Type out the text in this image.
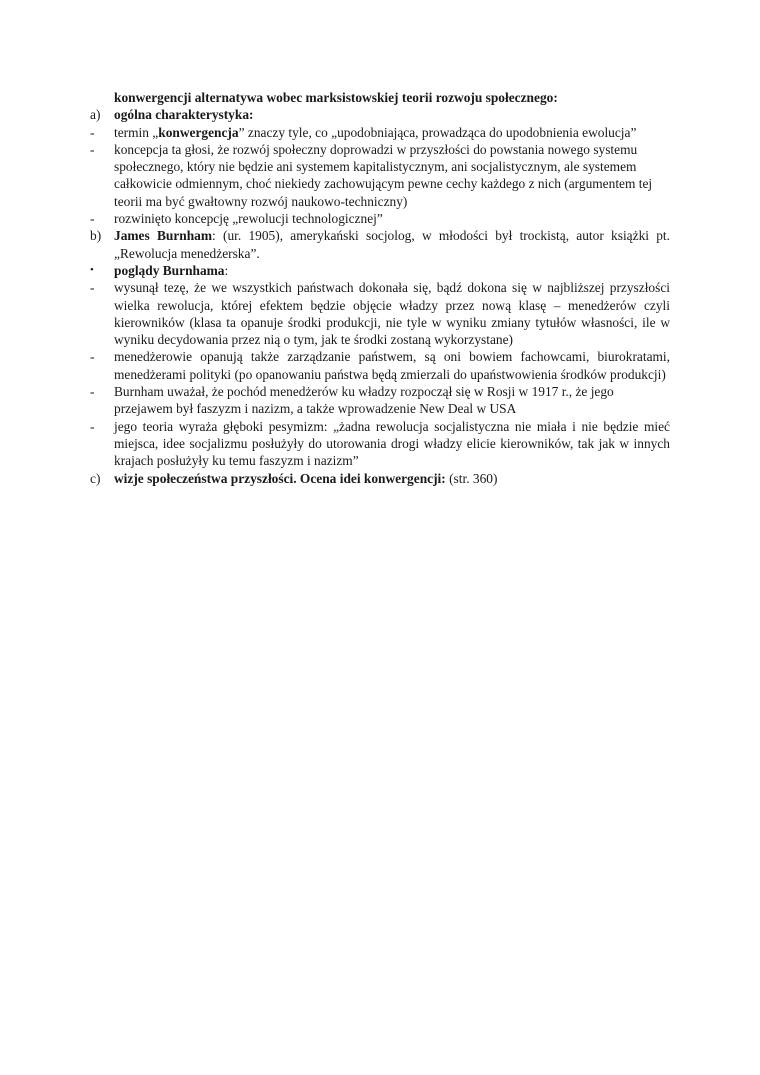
konwergencji alternatywa wobec marksistowskiej teorii rozwoju społecznego:
a)	ogólna charakterystyka:
-	termin „konwergencja” znaczy tyle, co „upodobniająca, prowadząca do upodobnienia ewolucja”
-	koncepcja ta głosi, że rozwój społeczny doprowadzi w przyszłości do powstania nowego systemu społecznego, który nie będzie ani systemem kapitalistycznym, ani socjalistycznym, ale systemem całkowicie odmiennym, choć niekiedy zachowującym pewne cechy każdego z nich (argumentem tej teorii ma być gwałtowny rozwój naukowo-techniczny)
-	rozwinięto koncepcję „rewolucji technologicznej”
b) James Burnham: (ur. 1905), amerykański socjolog, w młodości był trockistą, autor książki pt. „Rewolucja menedżerska”.
•	poglądy Burnhama:
-	wysunął tezę, że we wszystkich państwach dokonała się, bądź dokona się w najbliższej przyszłości wielka rewolucja, której efektem będzie objęcie władzy przez nową klasę – menedżerów czyli kierowników (klasa ta opanuje środki produkcji, nie tyle w wyniku zmiany tytułów własności, ile w wyniku decydowania przez nią o tym, jak te środki zostaną wykorzystane)
-	menedżerowie opanują także zarządzanie państwem, są oni bowiem fachowcami, biurokratami, menedżerami polityki (po opanowaniu państwa będą zmierzali do upaństwowienia środków produkcji)
-	Burnham uważał, że pochód menedżerów ku władzy rozpoczął się w Rosji w 1917 r., że jego przejawem był faszyzm i nazizm, a także wprowadzenie New Deal w USA
-	jego teoria wyraża głęboki pesymizm: „żadna rewolucja socjalistyczna nie miała i nie będzie mieć miejsca, idee socjalizmu posłużyły do utorowania drogi władzy elicie kierowników, tak jak w innych krajach posłużyły ku temu faszyzm i nazizm”
c)	wizje społeczeństwa przyszłości. Ocena idei konwergencji: (str. 360)
